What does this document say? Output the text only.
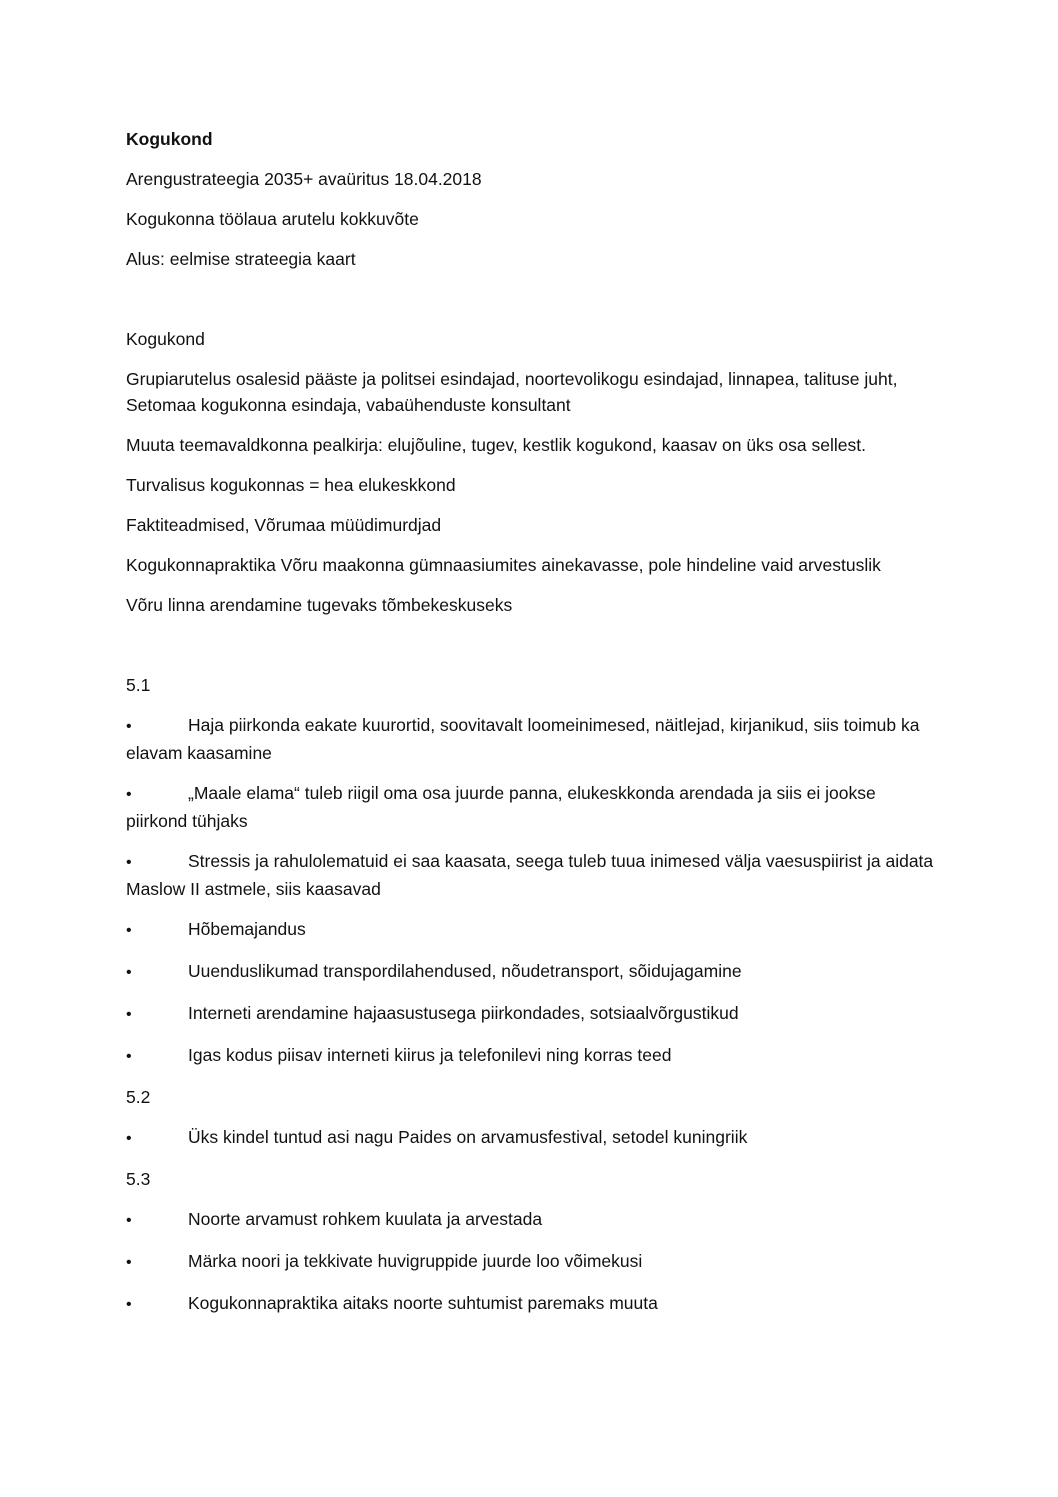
Kogukond

Arengustrateegia 2035+ avaüritus 18.04.2018

Kogukonna töölaua arutelu kokkuvõte

Alus: eelmise strateegia kaart

Kogukond

Grupiarutelus osalesid pääste ja politsei esindajad, noortevolikogu esindajad, linnapea, talituse juht, Setomaa kogukonna esindaja, vabaühenduste konsultant

Muuta teemavaldkonna pealkirja: elujõuline, tugev, kestlik kogukond, kaasav on üks osa sellest.

Turvalisus kogukonnas = hea elukeskkond

Faktiteadmised, Võrumaa müüdimurdjad

Kogukonnapraktika Võru maakonna gümnaasiumites ainekavasse, pole hindeline vaid arvestuslik

Võru linna arendamine tugevaks tõmbekeskuseks

5.1

•	Haja piirkonda eakate kuurortid, soovitavalt loomeinimesed, näitlejad, kirjanikud, siis toimub ka elavam kaasamine

•	„Maale elama“ tuleb riigil oma osa juurde panna, elukeskkonda arendada ja siis ei jookse piirkond tühjaks

•	Stressis ja rahulolematuid ei saa kaasata, seega tuleb tuua inimesed välja vaesuspiirist ja aidata Maslow II astmele, siis kaasavad

•	Hõbemajandus

•	Uuenduslikumad transpordilahendused, nõudetransport, sõidujagamine

•	Interneti arendamine hajaasustusega piirkondades, sotsiaalvõrgustikud

•	Igas kodus piisav interneti kiirus ja telefonilevi ning korras teed

5.2

•	Üks kindel tuntud asi nagu Paides on arvamusfestival, setodel kuningriik

5.3

•	Noorte arvamust rohkem kuulata ja arvestada

•	Märka noori ja tekkivate huvigruppide juurde loo võimekusi

•	Kogukonnapraktika aitaks noorte suhtumist paremaks muuta
